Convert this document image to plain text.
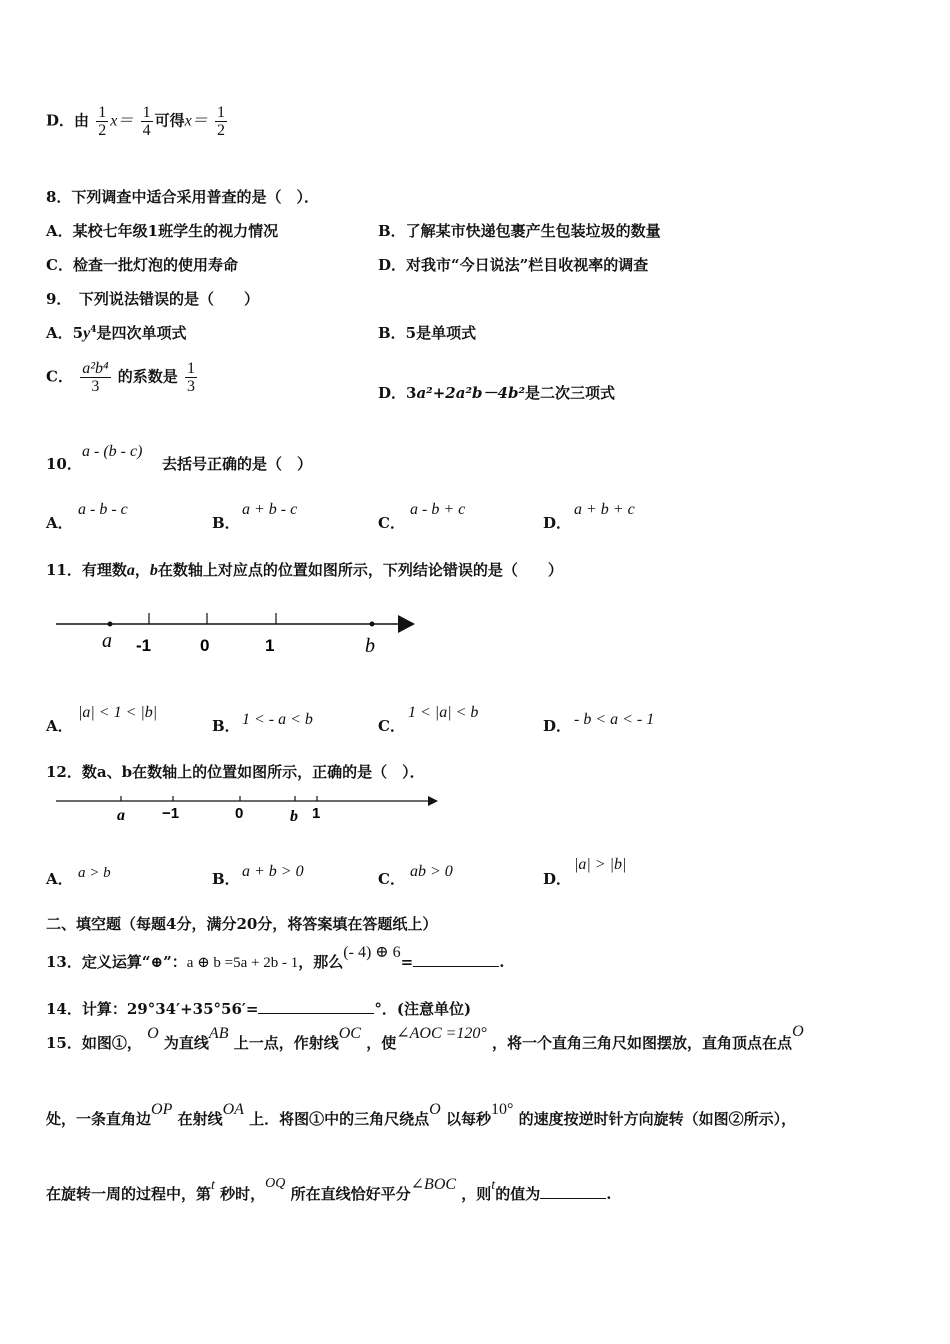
D．由 $\frac{1}{2} x= \frac{1}{4}$ 可得$x= \frac{1}{2}$
8．下列调查中适合采用普查的是（　）．
A．某校七年级1班学生的视力情况	B．了解某市快递包裹产生包装垃圾的数量
C．检查一批灯泡的使用寿命	D．对我市“今日说法”栏目收视率的调查
9．　下列说法错误的是（　　）
A．$5y^4$是四次单项式	B．5是单项式
C． $\frac{\text{a²b⁴}}{3}$ 的系数是 $\frac{1}{3}$	D．3a²+2a²b－4b²是二次三项式
10．
a - (b - c)
去括号正确的是（　）
A．
a - b - c
B．
a + b - c
C．
a - b + c
D．
a + b + c
11．有理数a，b在数轴上对应点的位置如图所示，下列结论错误的是（　　）
a -1	0	1	b
A．
|a| < 1 < |b|
B． 1 < - a < b	C．
1 < |a| < b
D． - b < a < - 1
12．数a、b在数轴上的位置如图所示，正确的是（　）．
a −1	0	b 1
A． a > b	B． a + b > 0	C． ab > 0	D．
|a| > |b|
二、填空题（每题4分，满分20分，将答案填在答题纸上）
13．定义运算“⊕”：a ⊕ b =5a + 2b - 1，那么(- 4) ⊕ 6=	.
14．计算：29°34′+35°56′=	°．(注意单位)
15．如图①， O 为直线AB 上一点，作射线OC ，使∠AOC =120° ，将一个直角三角尺如图摆放，直角顶点在点O
处，一条直角边OP 在射线OA 上．将图①中的三角尺绕点O 以每秒10° 的速度按逆时针方向旋转（如图②所示），
在旋转一周的过程中，第t 秒时，OQ 所在直线恰好平分∠BOC ，则t的值为	.
